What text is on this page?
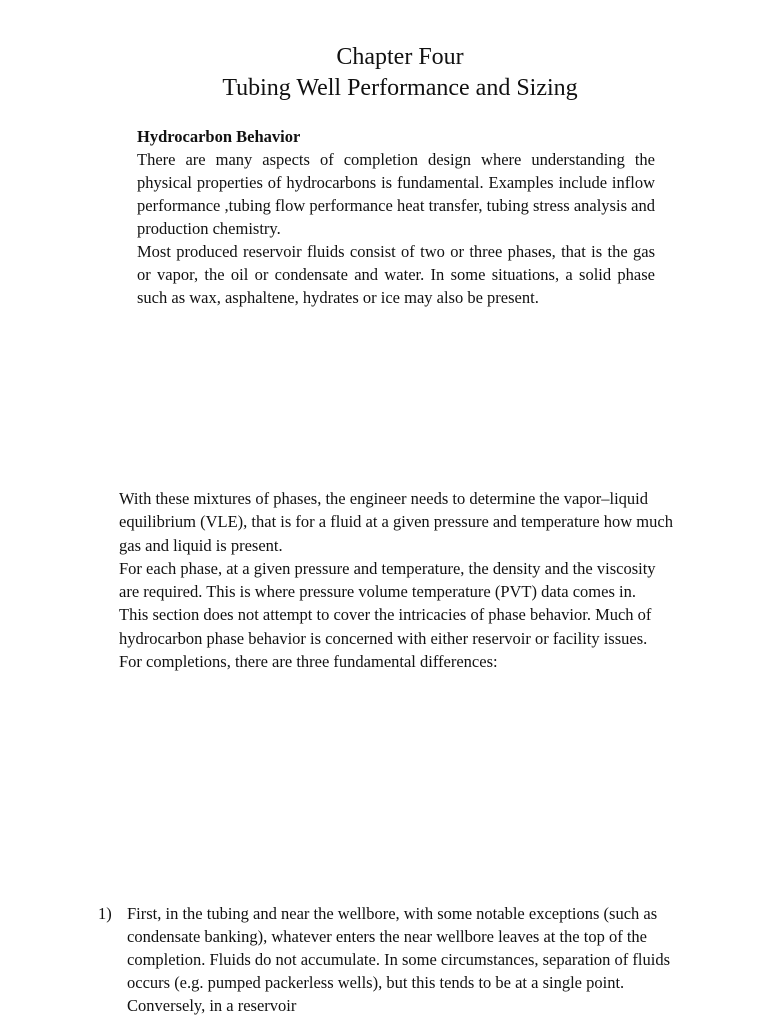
Chapter Four
Tubing Well Performance and Sizing
Hydrocarbon Behavior

There are many aspects of completion design where understanding the physical properties of hydrocarbons is fundamental. Examples include inflow performance ,tubing flow performance heat transfer, tubing stress analysis and production chemistry.

Most produced reservoir fluids consist of two or three phases, that is the gas or vapor, the oil or condensate and water. In some situations, a solid phase such as wax, asphaltene, hydrates or ice may also be present.

With these mixtures of phases, the engineer needs to determine the vapor–liquid equilibrium (VLE), that is for a fluid at a given pressure and temperature how much gas and liquid is present.

For each phase, at a given pressure and temperature, the density and the viscosity are required. This is where pressure volume temperature (PVT) data comes in.

This section does not attempt to cover the intricacies of phase behavior. Much of hydrocarbon phase behavior is concerned with either reservoir or facility issues.

For completions, there are three fundamental differences:

1) First, in the tubing and near the wellbore, with some notable exceptions (such as condensate banking), whatever enters the near wellbore leaves at the top of the completion. Fluids do not accumulate. In some circumstances, separation of fluids occurs (e.g. pumped packerless wells), but this tends to be at a single point. Conversely, in a reservoir
